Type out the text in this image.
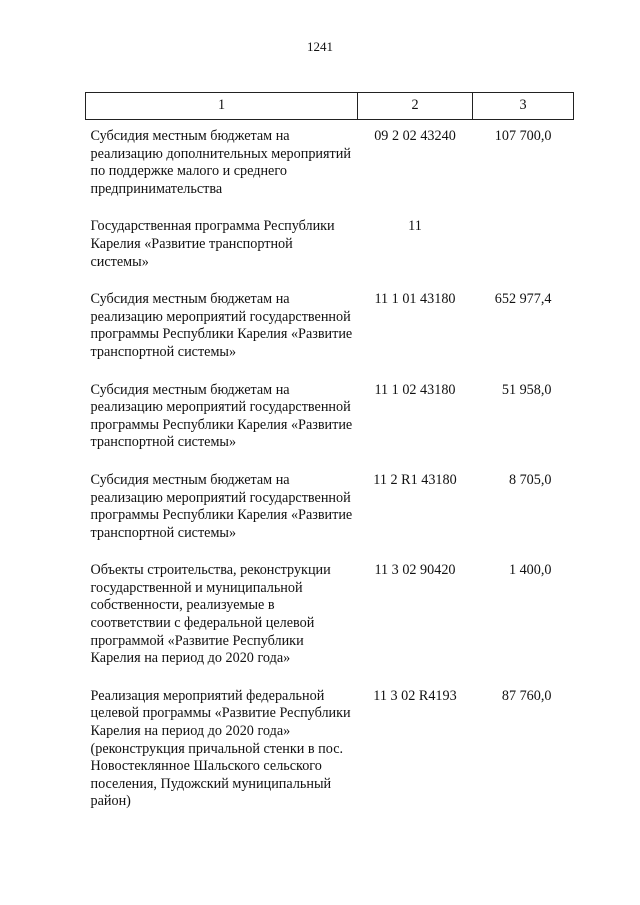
1241
1	2	3
Субсидия местным бюджетам на реализацию дополнительных мероприятий по поддержке малого и среднего предпринимательства	09 2 02 43240	107 700,0
Государственная программа Республики Карелия «Развитие транспортной системы»	11	
Субсидия местным бюджетам на реализацию мероприятий государственной программы Республики Карелия «Развитие транспортной системы»	11 1 01 43180	652 977,4
Субсидия местным бюджетам на реализацию мероприятий государственной программы Республики Карелия «Развитие транспортной системы»	11 1 02 43180	51 958,0
Субсидия местным бюджетам на реализацию мероприятий государственной программы Республики Карелия «Развитие транспортной системы»	11 2 R1 43180	8 705,0
Объекты строительства, реконструкции государственной и муниципальной собственности, реализуемые в соответствии с федеральной целевой программой «Развитие Республики Карелия на период до 2020 года»	11 3 02 90420	1 400,0
Реализация мероприятий федеральной целевой программы «Развитие Республики Карелия на период до 2020 года» (реконструкция причальной стенки в пос. Новостеклянное Шальского сельского поселения, Пудожский муниципальный район)	11 3 02 R4193	87 760,0
